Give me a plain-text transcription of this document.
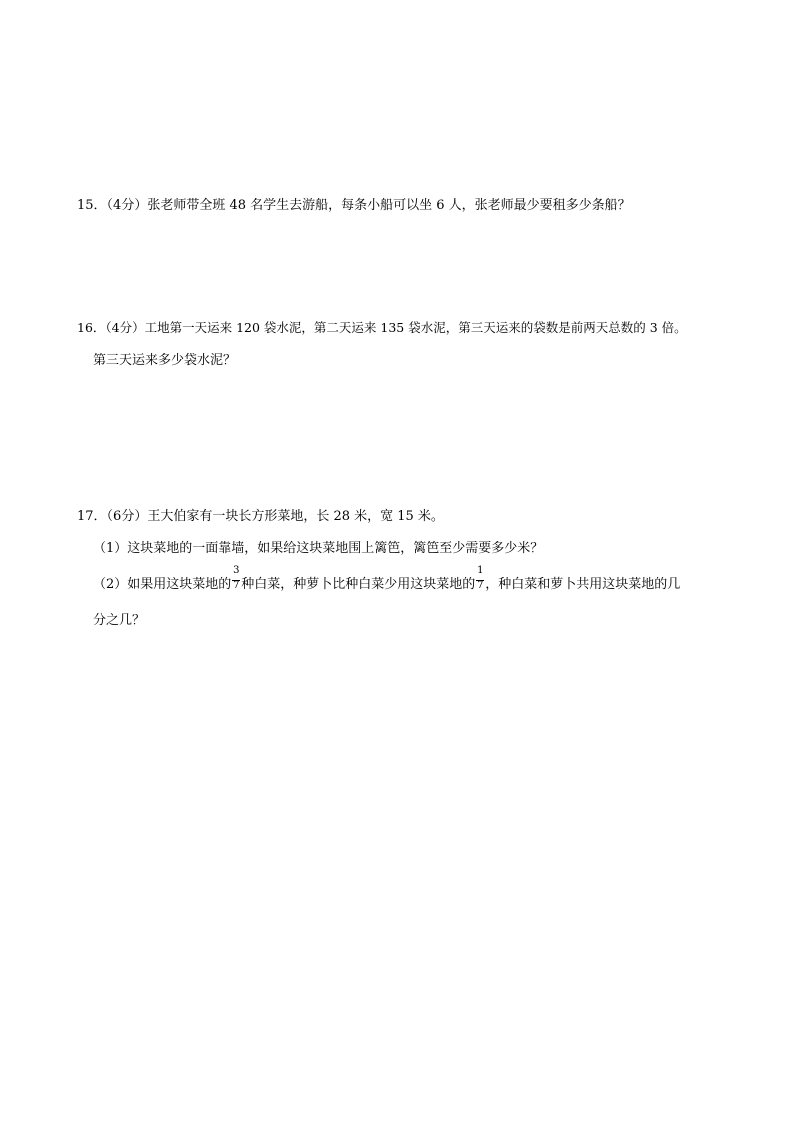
15．（4分）张老师带全班 48 名学生去游船，每条小船可以坐 6 人，张老师最少要租多少条船？
16．（4分）工地第一天运来 120 袋水泥，第二天运来 135 袋水泥，第三天运来的袋数是前两天总数的 3 倍。
第三天运来多少袋水泥？
17．（6分）王大伯家有一块长方形菜地，长 28 米，宽 15 米。
（1）这块菜地的一面靠墙，如果给这块菜地围上篱笆，篱笆至少需要多少米？
（2）如果用这块菜地的 $\frac{3}{7}$ 种白菜，种萝卜比种白菜少用这块菜地的 $\frac{1}{7}$ ，种白菜和萝卜共用这块菜地的几
分之几？
